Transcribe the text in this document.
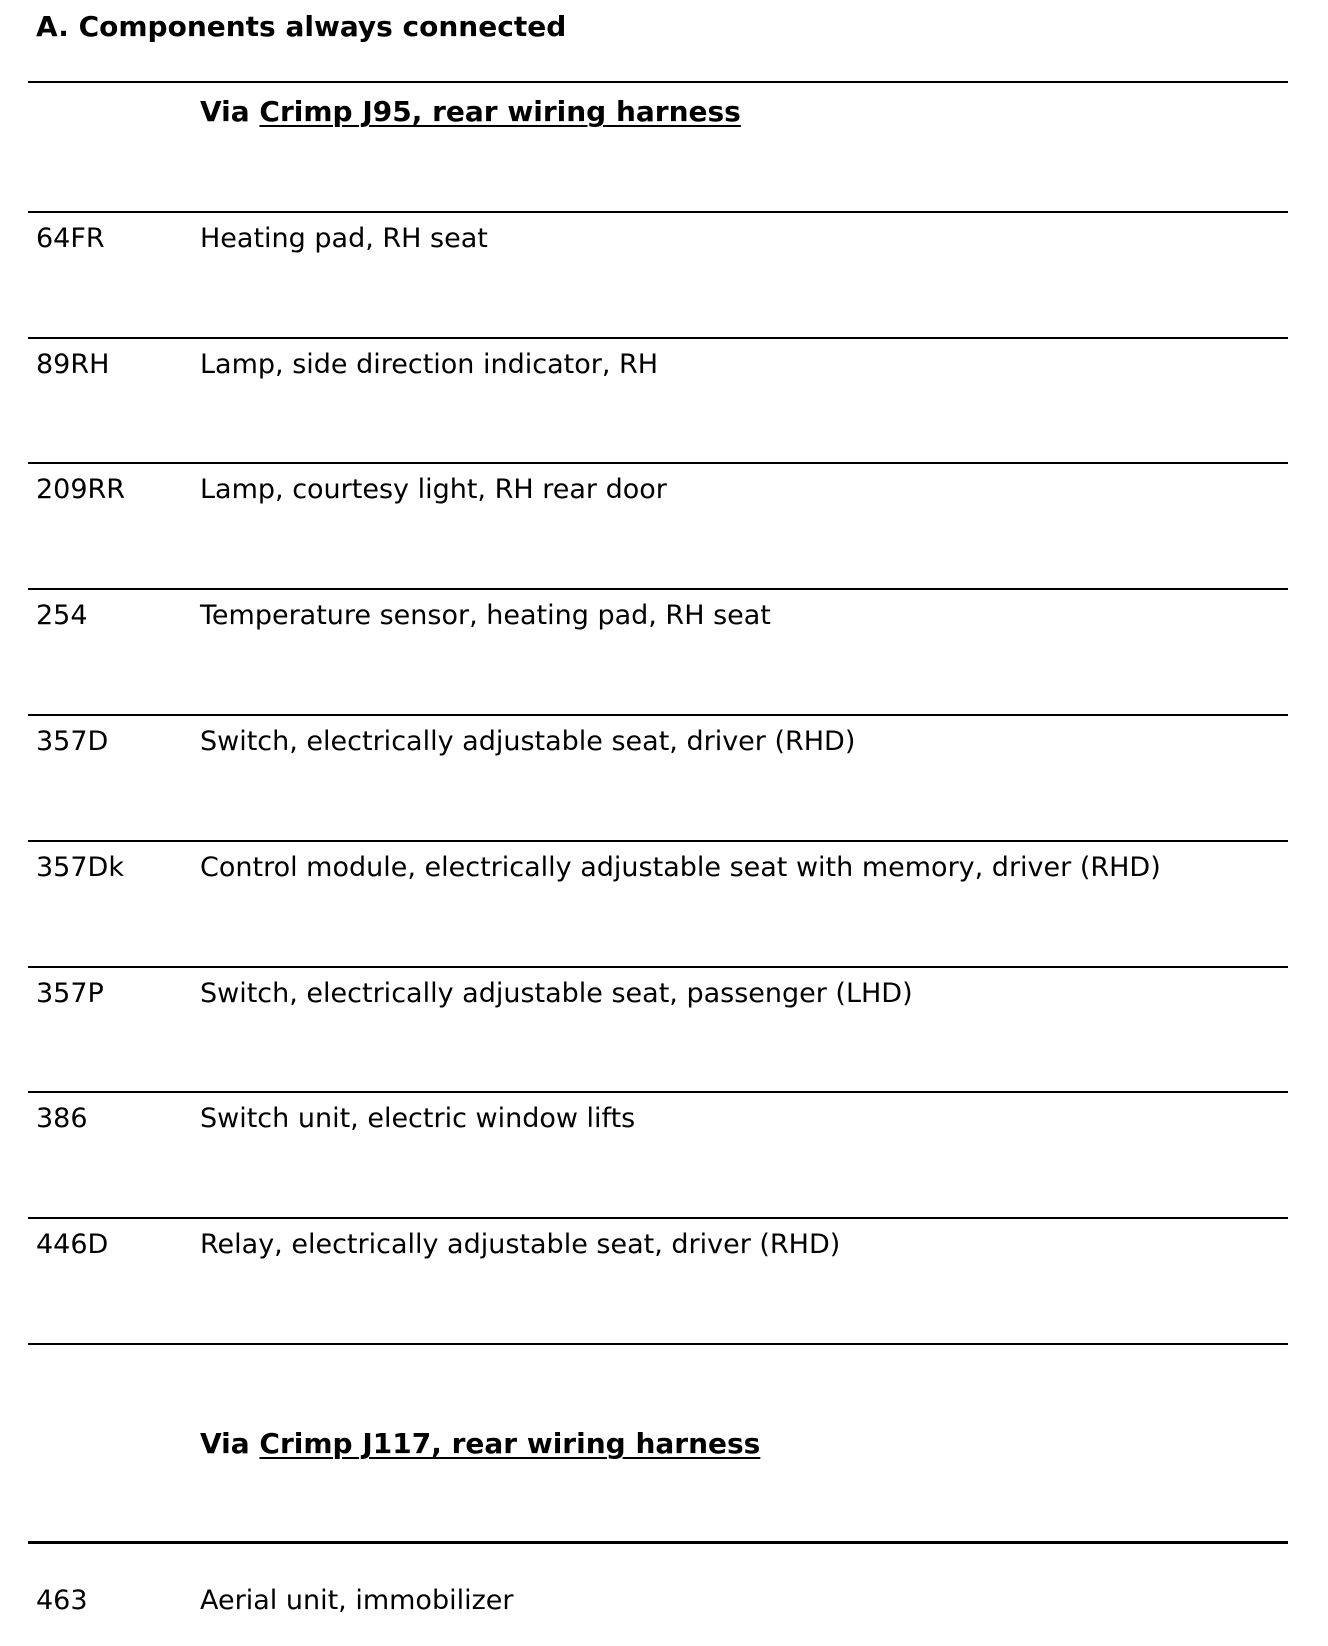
A. Components always connected
Via Crimp J95, rear wiring harness
64FR	Heating pad, RH seat
89RH	Lamp, side direction indicator, RH
209RR	Lamp, courtesy light, RH rear door
254	Temperature sensor, heating pad, RH seat
357D	Switch, electrically adjustable seat, driver (RHD)
357Dk	Control module, electrically adjustable seat with memory, driver (RHD)
357P	Switch, electrically adjustable seat, passenger (LHD)
386	Switch unit, electric window lifts
446D	Relay, electrically adjustable seat, driver (RHD)
Via Crimp J117, rear wiring harness
463	Aerial unit, immobilizer
